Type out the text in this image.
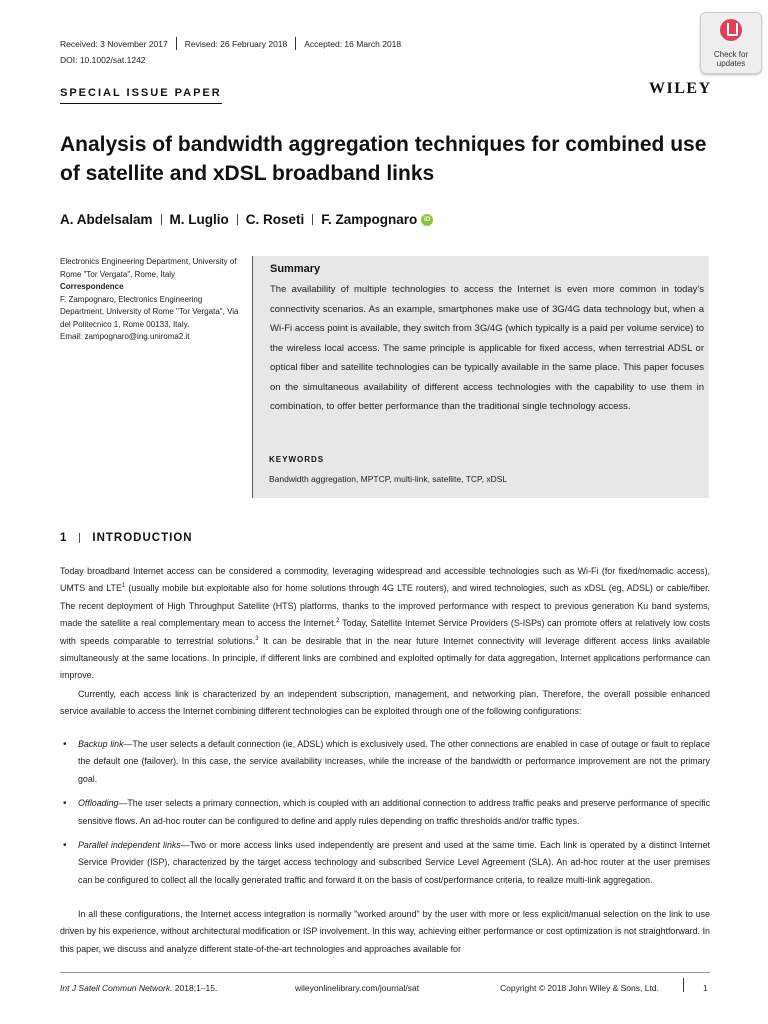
Received: 3 November 2017 Revised: 26 February 2018 Accepted: 16 March 2018
DOI: 10.1002/sat.1242
Check for updates
SPECIAL ISSUE PAPER	WILEY
Analysis of bandwidth aggregation techniques for combined use of satellite and xDSL broadband links
A. Abdelsalam M. Luglio C. Roseti F. Zampognaro	iD
Electronics Engineering Department, University of Rome "Tor Vergata", Rome, Italy
Correspondence
F. Zampognaro, Electronics Engineering Department, University of Rome "Tor Vergata", Via del Politecnico 1, Rome 00133, Italy.
Email: zampognaro@ing.uniroma2.it
Summary
The availability of multiple technologies to access the Internet is even more common in today's connectivity scenarios. As an example, smartphones make use of 3G/4G data technology but, when a Wi-Fi access point is available, they switch from 3G/4G (which typically is a paid per volume service) to the wireless local access. The same principle is applicable for fixed access, when terrestrial ADSL or optical fiber and satellite technologies can be typically available in the same place. This paper focuses on the simultaneous availability of different access technologies with the capability to use them in combination, to offer better performance than the traditional single technology access.
KEYWORDS
Bandwidth aggregation, MPTCP, multi-link, satellite, TCP, xDSL
1 INTRODUCTION
Today broadband Internet access can be considered a commodity, leveraging widespread and accessible technologies such as Wi-Fi (for fixed/nomadic access), UMTS and LTE$^1$ (usually mobile but exploitable also for home solutions through 4G LTE routers), and wired technologies, such as xDSL (eg, ADSL) or cable/fiber. The recent deployment of High Throughput Satellite (HTS) platforms, thanks to the improved performance with respect to previous generation Ku band systems, made the satellite a real complementary mean to access the Internet.$^2$ Today, Satellite Internet Service Providers (S-ISPs) can promote offers at relatively low costs with speeds comparable to terrestrial solutions.$^3$ It can be desirable that in the near future Internet connectivity will leverage different access links available simultaneously at the same locations. In principle, if different links are combined and exploited optimally for data aggregation, Internet applications performance can improve.
Currently, each access link is characterized by an independent subscription, management, and networking plan. Therefore, the overall possible enhanced service available to access the Internet combining different technologies can be exploited through one of the following configurations:
• Backup link—The user selects a default connection (ie, ADSL) which is exclusively used. The other connections are enabled in case of outage or fault to replace the default one (failover). In this case, the service availability increases, while the increase of the bandwidth or performance improvement are not the primary goal.
• Offloading—The user selects a primary connection, which is coupled with an additional connection to address traffic peaks and preserve performance of specific sensitive flows. An ad-hoc router can be configured to define and apply rules depending on traffic thresholds and/or traffic types.
• Parallel independent links—Two or more access links used independently are present and used at the same time. Each link is operated by a distinct Internet Service Provider (ISP), characterized by the target access technology and subscribed Service Level Agreement (SLA). An ad-hoc router at the user premises can be configured to collect all the locally generated traffic and forward it on the basis of cost/performance criteria, to realize multi-link aggregation.
In all these configurations, the Internet access integration is normally "worked around" by the user with more or less explicit/manual selection on the link to use driven by his experience, without architectural modification or ISP involvement. In this way, achieving either performance or cost optimization is not straightforward. In this paper, we discuss and analyze different state-of-the-art technologies and approaches available for
Int J Satell Commun Network. 2018;1–15.	wileyonlinelibrary.com/journal/sat	Copyright © 2018 John Wiley & Sons, Ltd.	1
